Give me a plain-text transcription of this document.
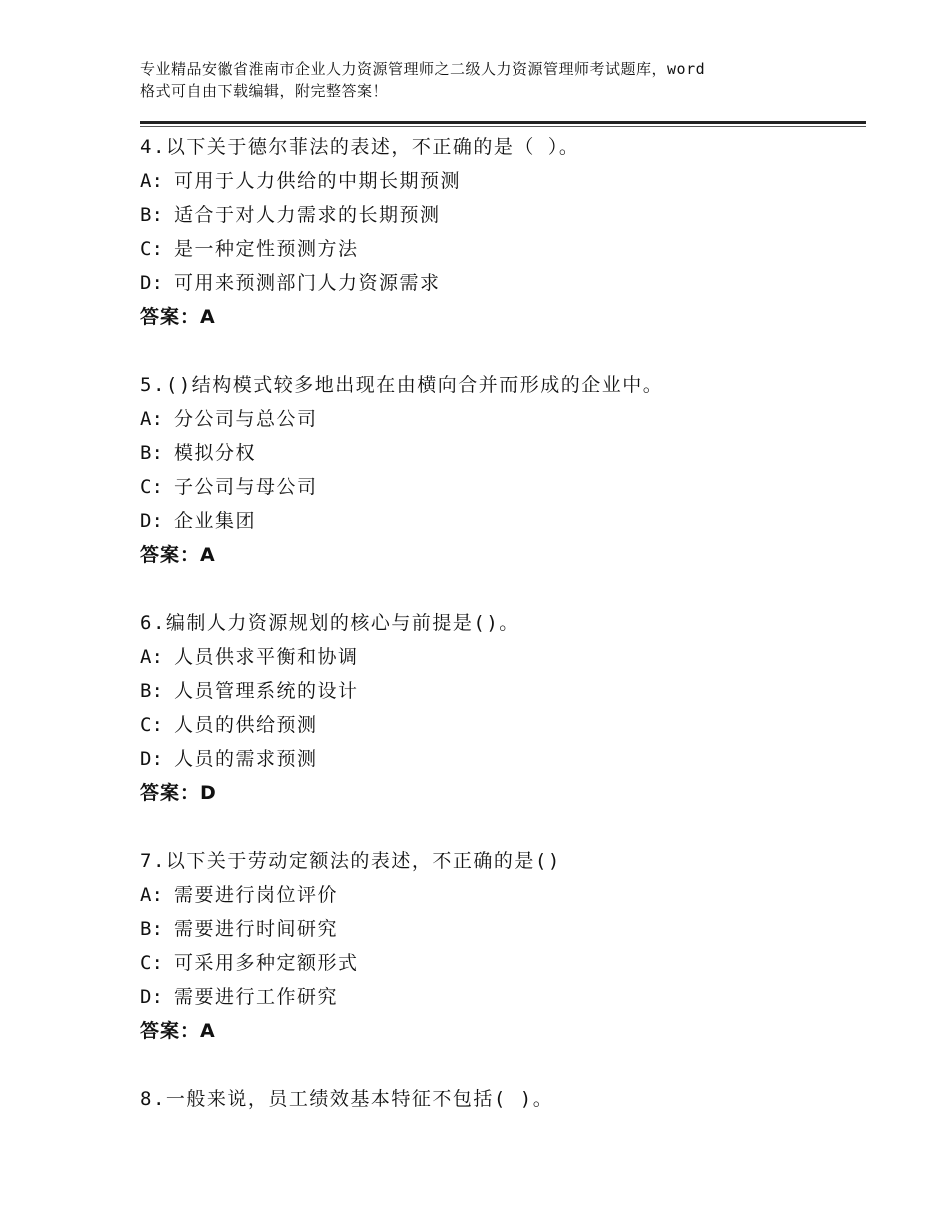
专业精品安徽省淮南市企业人力资源管理师之二级人力资源管理师考试题库，word
格式可自由下载编辑，附完整答案！
4.以下关于德尔菲法的表述，不正确的是（ ）。
A: 可用于人力供给的中期长期预测
B: 适合于对人力需求的长期预测
C: 是一种定性预测方法
D: 可用来预测部门人力资源需求
答案：A
5.()结构模式较多地出现在由横向合并而形成的企业中。
A: 分公司与总公司
B: 模拟分权
C: 子公司与母公司
D: 企业集团
答案：A
6.编制人力资源规划的核心与前提是()。
A: 人员供求平衡和协调
B: 人员管理系统的设计
C: 人员的供给预测
D: 人员的需求预测
答案：D
7.以下关于劳动定额法的表述，不正确的是()
A: 需要进行岗位评价
B: 需要进行时间研究
C: 可采用多种定额形式
D: 需要进行工作研究
答案：A
8.一般来说，员工绩效基本特征不包括( )。
